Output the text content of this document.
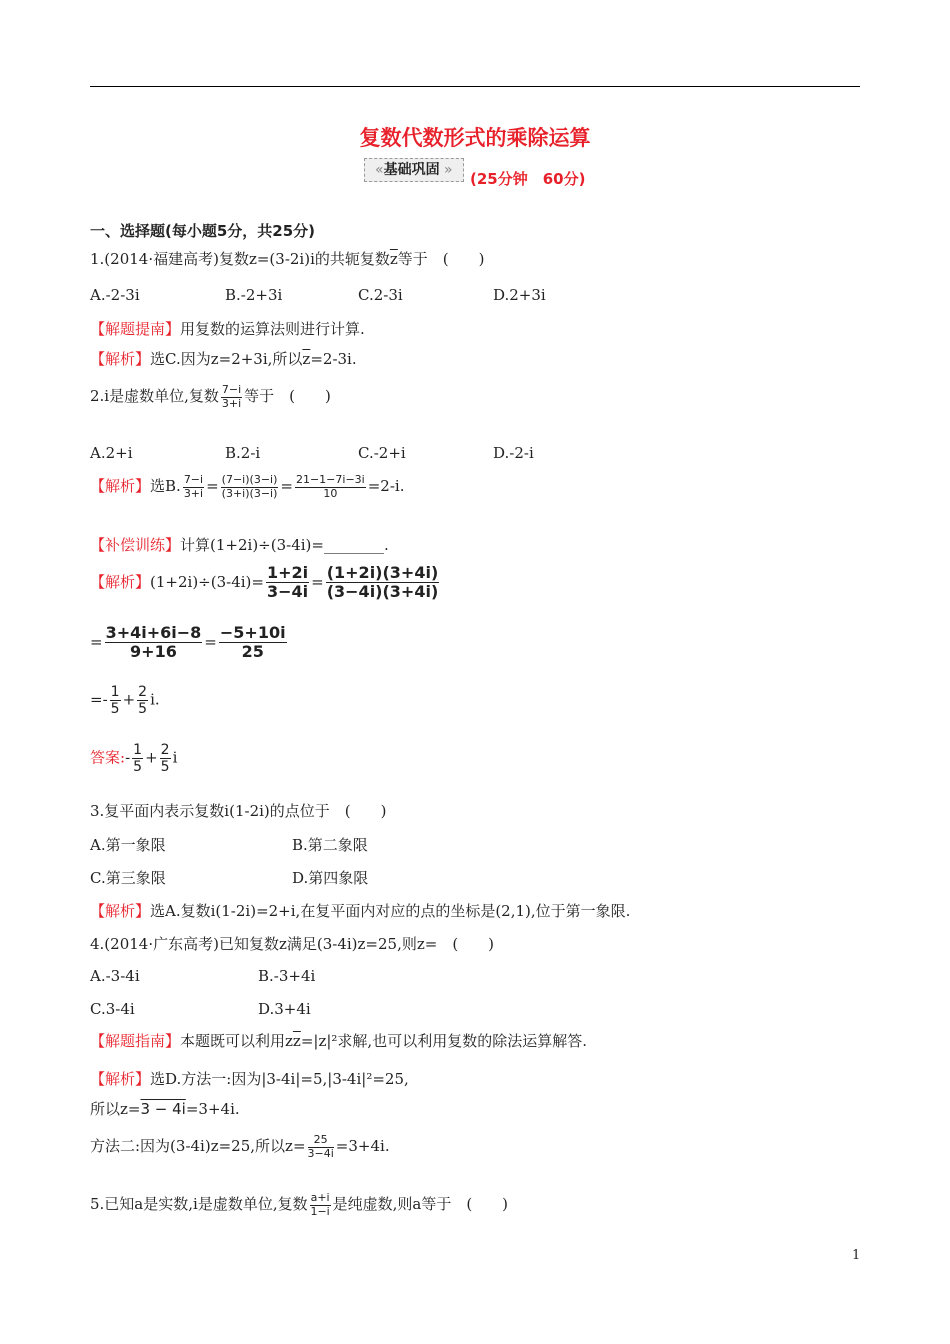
复数代数形式的乘除运算
« 基础巩固 »	(25分钟　60分)
一、选择题(每小题5分，共25分)
1.(2014·福建高考)复数z=(3-2i)i的共轭复数$\overline{z}$等于　(　　)
A.-2-3i	B.-2+3i	C.2-3i	D.2+3i
【解题提南】用复数的运算法则进行计算.
【解析】选C.因为z=2+3i,所以$\overline{z}=2-3i$.
2.i是虚数单位,复数 $\frac{7-i}{3+i}$ 等于　(　　)
A.2+i	B.2-i	C.-2+i	D.-2-i
【解析】选B. $\frac{7-i}{3+i} = \frac{(7-i)(3-i)}{(3+i)(3-i)} = \frac{21-1-7i-3i}{10} =2-i$.
【补偿训练】计算(1+2i)÷(3-4i)=________.
【解析】$(1+2i)\div(3-4i)= \frac{1+2i}{3-4i} = \frac{(1+2i)(3+4i)}{(3-4i)(3+4i)}$
= $\frac{3+4i+6i-8}{9+16} = \frac{-5+10i}{25}$
=- $\frac{1}{5} + \frac{2}{5} i$.
答案:- $\frac{1}{5} + \frac{2}{5}$ i
3.复平面内表示复数i(1-2i)的点位于　(　　)
A.第一象限	B.第二象限
C.第三象限	D.第四象限
【解析】选A.复数i(1-2i)=2+i,在复平面内对应的点的坐标是(2,1),位于第一象限.
4.(2014·广东高考)已知复数z满足(3-4i)z=25,则z=　(　　)
A.-3-4i	B.-3+4i
C.3-4i	D.3+4i
【解题指南】本题既可以利用$z\overline{z}=|z|^2$求解,也可以利用复数的除法运算解答.
【解析】选D.方法一:因为|3-4i|=5,|3-4i|²=25,
所以z=3 − 4i=3+4i.
方法二:因为(3-4i)z=25,所以$z= \frac{25}{3-4i} =3+4i$.
5.已知a是实数,i是虚数单位,复数 $\frac{a+i}{1-i}$ 是纯虚数,则a等于　(　　)
1
